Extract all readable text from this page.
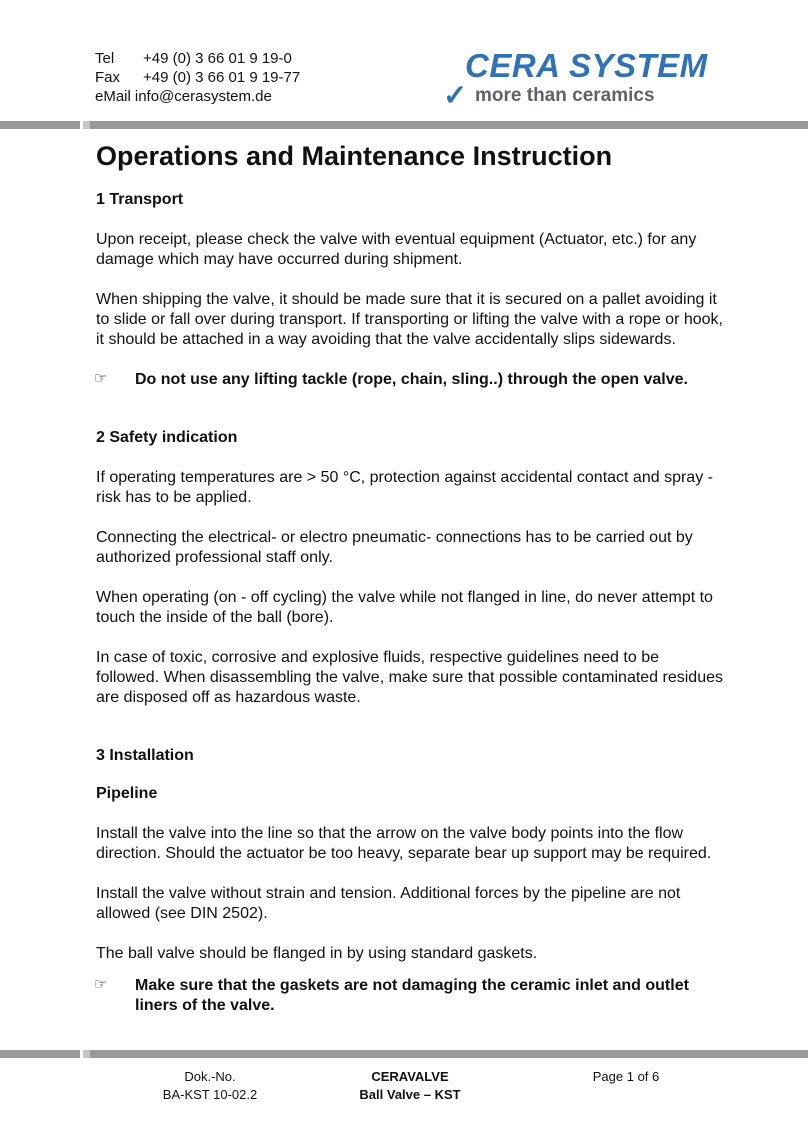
Tel +49 (0) 3 66 01 9 19-0
Fax +49 (0) 3 66 01 9 19-77
eMail info@cerasystem.de
CERA SYSTEM
✓ more than ceramics
Operations and Maintenance Instruction
1 Transport

Upon receipt, please check the valve with eventual equipment (Actuator, etc.) for any damage which may have occurred during shipment.

When shipping the valve, it should be made sure that it is secured on a pallet avoiding it to slide or fall over during transport. If transporting or lifting the valve with a rope or hook, it should be attached in a way avoiding that the valve accidentally slips sidewards.

☞ Do not use any lifting tackle (rope, chain, sling..) through the open valve.
2 Safety indication

If operating temperatures are > 50 °C, protection against accidental contact and spray -risk has to be applied.

Connecting the electrical- or electro pneumatic- connections has to be carried out by authorized professional staff only.

When operating (on - off cycling) the valve while not flanged in line, do never attempt to touch the inside of the ball (bore).

In case of toxic, corrosive and explosive fluids, respective guidelines need to be followed. When disassembling the valve, make sure that possible contaminated residues are disposed off as hazardous waste.

3 Installation
Pipeline

Install the valve into the line so that the arrow on the valve body points into the flow direction. Should the actuator be too heavy, separate bear up support may be required.

Install the valve without strain and tension. Additional forces by the pipeline are not allowed (see DIN 2502).

The ball valve should be flanged in by using standard gaskets.

☞ Make sure that the gaskets are not damaging the ceramic inlet and outlet liners of the valve.
Dok.-No.
BA-KST 10-02.2
CERAVALVE
Ball Valve – KST
Page 1 of 6
